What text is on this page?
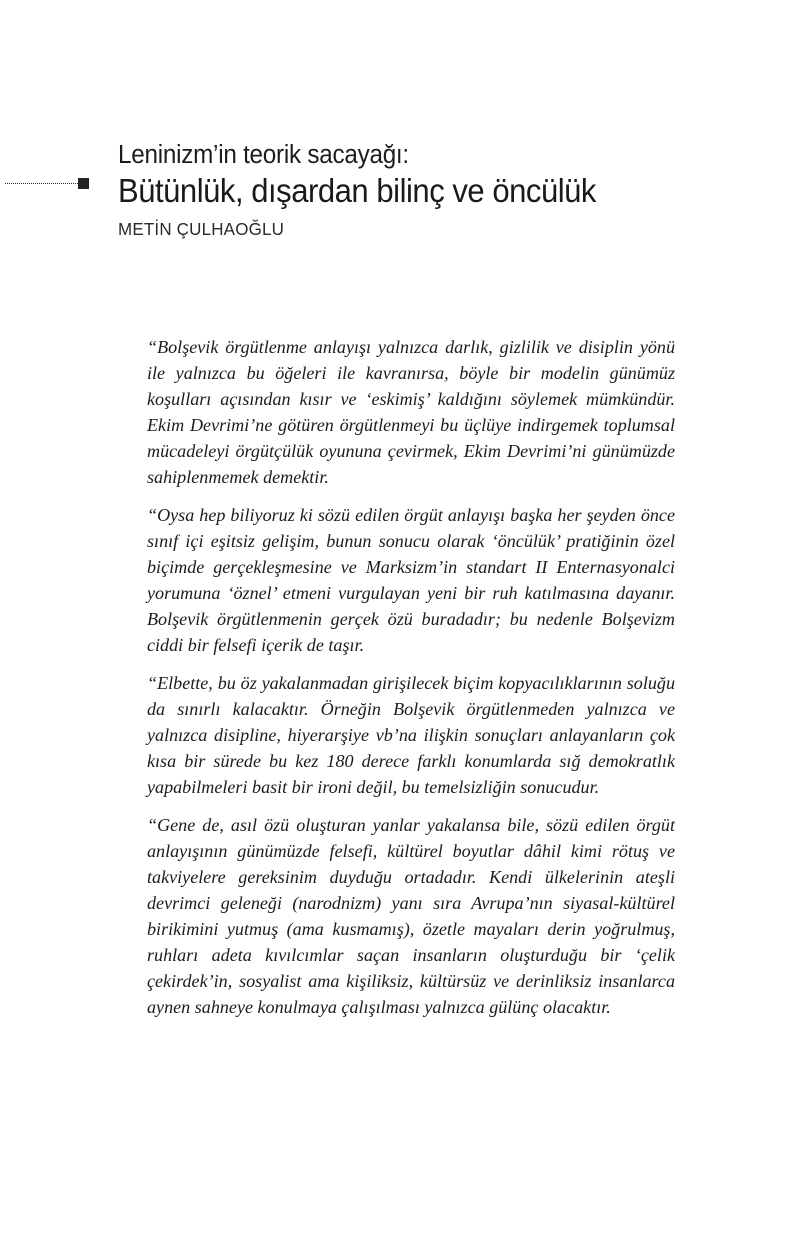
Leninizm’in teorik sacayağı:
Bütünlük, dışardan bilinç ve öncülük

METİN ÇULHAOĞLU

“Bolşevik örgütlenme anlayışı yalnızca darlık, gizlilik ve disiplin yönü ile yalnızca bu öğeleri ile kavranırsa, böyle bir modelin günümüz koşulları açısından kısır ve ‘eskimiş’ kaldığını söylemek mümkündür. Ekim Devrimi’ne götüren örgütlenmeyi bu üçlüye indirgemek toplumsal mücadeleyi örgütçülük oyununa çevirmek, Ekim Devrimi’ni günümüzde sahiplenmemek demektir.

“Oysa hep biliyoruz ki sözü edilen örgüt anlayışı başka her şeyden önce sınıf içi eşitsiz gelişim, bunun sonucu olarak ‘öncülük’ pratiğinin özel biçimde gerçekleşmesine ve Marksizm’in standart II Enternasyonalci yorumuna ‘öznel’ etmeni vurgulayan yeni bir ruh katılmasına dayanır. Bolşevik örgütlenmenin gerçek özü buradadır; bu nedenle Bolşevizm ciddi bir felsefi içerik de taşır.

“Elbette, bu öz yakalanmadan girişilecek biçim kopyacılıklarının soluğu da sınırlı kalacaktır. Örneğin Bolşevik örgütlenmeden yalnızca ve yalnızca disipline, hiyerarşiye vb’na ilişkin sonuçları anlayanların çok kısa bir sürede bu kez 180 derece farklı konumlarda sığ demokratlık yapabilmeleri basit bir ironi değil, bu temelsizliğin sonucudur.

“Gene de, asıl özü oluşturan yanlar yakalansa bile, sözü edilen örgüt anlayışının günümüzde felsefi, kültürel boyutlar dâhil kimi rötuş ve takviyelere gereksinim duyduğu ortadadır. Kendi ülkelerinin ateşli devrimci geleneği (narodnizm) yanı sıra Avrupa’nın siyasal-kültürel birikimini yutmuş (ama kusmamış), özetle mayaları derin yoğrulmuş, ruhları adeta kıvılcımlar saçan insanların oluşturduğu bir ‘çelik çekirdek’in, sosyalist ama kişiliksiz, kültürsüz ve derinliksiz insanlarca aynen sahneye konulmaya çalışılması yalnızca gülünç olacaktır.
